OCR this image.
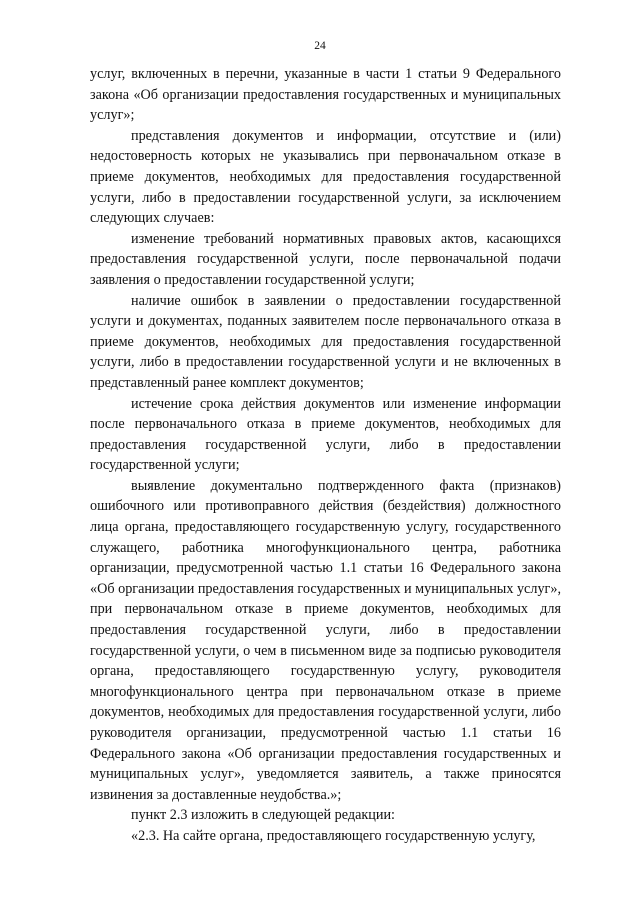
24

услуг, включенных в перечни, указанные в части 1 статьи 9 Федерального закона «Об организации предоставления государственных и муниципальных услуг»;

представления документов и информации, отсутствие и (или) недостоверность которых не указывались при первоначальном отказе в приеме документов, необходимых для предоставления государственной услуги, либо в предоставлении государственной услуги, за исключением следующих случаев:

изменение требований нормативных правовых актов, касающихся предоставления государственной услуги, после первоначальной подачи заявления о предоставлении государственной услуги;

наличие ошибок в заявлении о предоставлении государственной услуги и документах, поданных заявителем после первоначального отказа в приеме документов, необходимых для предоставления государственной услуги, либо в предоставлении государственной услуги и не включенных в представленный ранее комплект документов;

истечение срока действия документов или изменение информации после первоначального отказа в приеме документов, необходимых для предоставления государственной услуги, либо в предоставлении государственной услуги;

выявление документально подтвержденного факта (признаков) ошибочного или противоправного действия (бездействия) должностного лица органа, предоставляющего государственную услугу, государственного служащего, работника многофункционального центра, работника организации, предусмотренной частью 1.1 статьи 16 Федерального закона «Об организации предоставления государственных и муниципальных услуг», при первоначальном отказе в приеме документов, необходимых для предоставления государственной услуги, либо в предоставлении государственной услуги, о чем в письменном виде за подписью руководителя органа, предоставляющего государственную услугу, руководителя многофункционального центра при первоначальном отказе в приеме документов, необходимых для предоставления государственной услуги, либо руководителя организации, предусмотренной частью 1.1 статьи 16 Федерального закона «Об организации предоставления государственных и муниципальных услуг», уведомляется заявитель, а также приносятся извинения за доставленные неудобства.»;

пункт 2.3 изложить в следующей редакции:

«2.3. На сайте органа, предоставляющего государственную услугу,
